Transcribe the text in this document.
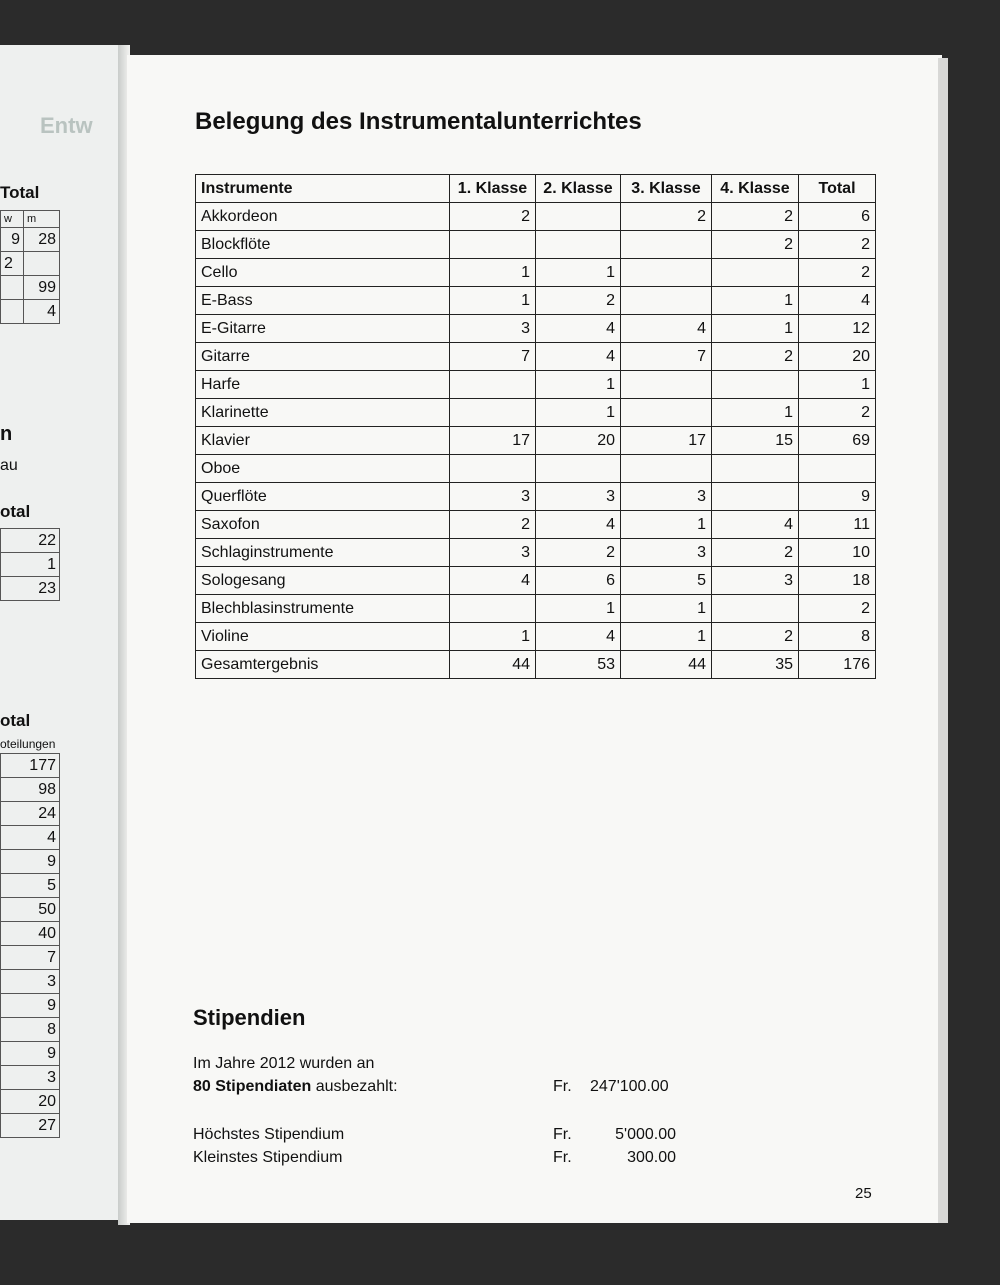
Entw
Total
w	m
9	28
2	
	99
	4
n
au
otal
22
1
23
otal
oteilungen
177
98
24
4
9
5
50
40
7
3
9
8
9
3
20
27
Belegung des Instrumentalunterrichtes
Instrumente	1. Klasse	2. Klasse	3. Klasse	4. Klasse	Total
Akkordeon	2		2	2	6
Blockflöte				2	2
Cello	1	1			2
E-Bass	1	2		1	4
E-Gitarre	3	4	4	1	12
Gitarre	7	4	7	2	20
Harfe		1			1
Klarinette		1		1	2
Klavier	17	20	17	15	69
Oboe					
Querflöte	3	3	3		9
Saxofon	2	4	1	4	11
Schlaginstrumente	3	2	3	2	10
Sologesang	4	6	5	3	18
Blechblasinstrumente		1	1		2
Violine	1	4	1	2	8
Gesamtergebnis	44	53	44	35	176
Stipendien
Im Jahre 2012 wurden an
80 Stipendiaten ausbezahlt:	Fr. 247'100.00
Höchstes Stipendium	Fr.	5'000.00
Kleinstes Stipendium	Fr.	300.00
25
